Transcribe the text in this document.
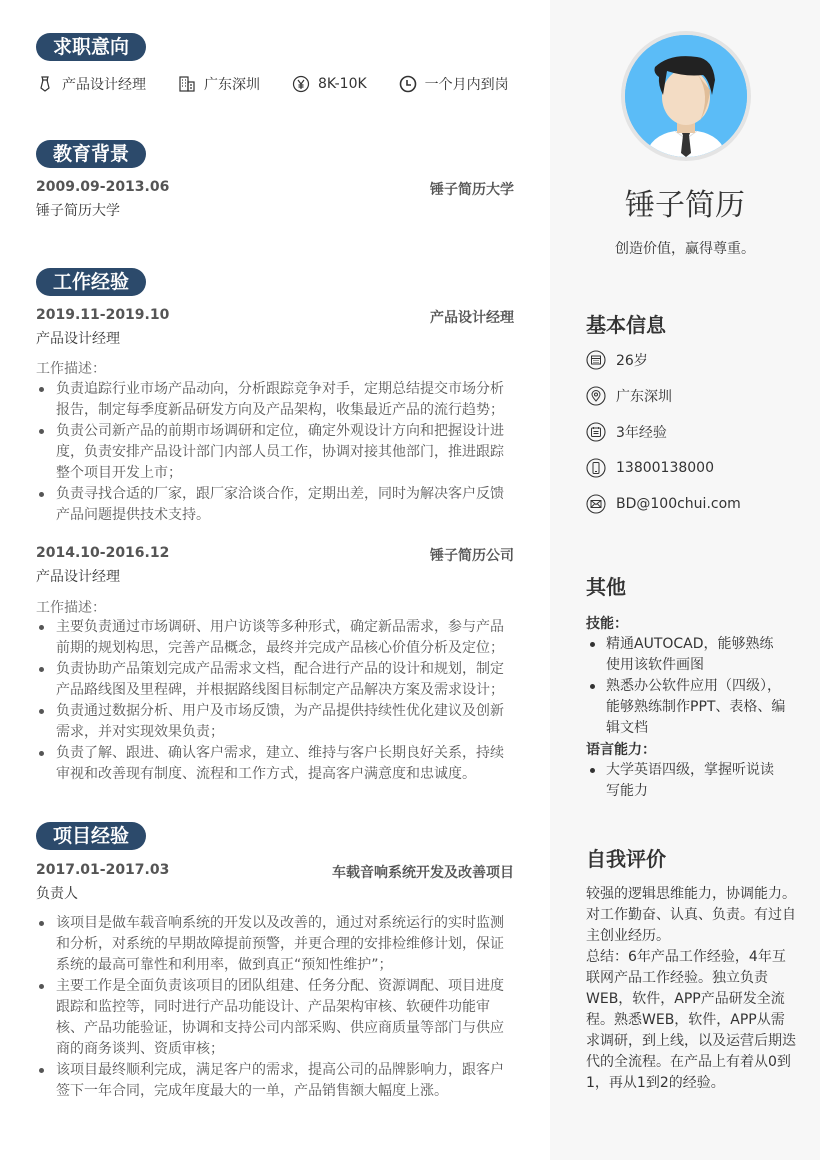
求职意向
产品设计经理	广东深圳	8K-10K	一个月内到岗
教育背景
2009.09-2013.06	锤子简历大学
锤子简历大学
工作经验
2019.11-2019.10	产品设计经理
产品设计经理
工作描述：
负责追踪行业市场产品动向，分析跟踪竞争对手，定期总结提交市场分析报告，制定每季度新品研发方向及产品架构，收集最近产品的流行趋势；
负责公司新产品的前期市场调研和定位，确定外观设计方向和把握设计进度，负责安排产品设计部门内部人员工作，协调对接其他部门，推进跟踪整个项目开发上市；
负责寻找合适的厂家，跟厂家洽谈合作，定期出差，同时为解决客户反馈产品问题提供技术支持。
2014.10-2016.12	锤子简历公司
产品设计经理
工作描述：
主要负责通过市场调研、用户访谈等多种形式，确定新品需求，参与产品前期的规划构思，完善产品概念，最终并完成产品核心价值分析及定位；
负责协助产品策划完成产品需求文档，配合进行产品的设计和规划，制定产品路线图及里程碑，并根据路线图目标制定产品解决方案及需求设计；
负责通过数据分析、用户及市场反馈，为产品提供持续性优化建议及创新需求，并对实现效果负责；
负责了解、跟进、确认客户需求，建立、维持与客户长期良好关系，持续审视和改善现有制度、流程和工作方式，提高客户满意度和忠诚度。
项目经验
2017.01-2017.03	车载音响系统开发及改善项目
负责人
该项目是做车载音响系统的开发以及改善的，通过对系统运行的实时监测和分析，对系统的早期故障提前预警，并更合理的安排检维修计划，保证系统的最高可靠性和利用率，做到真正“预知性维护”；
主要工作是全面负责该项目的团队组建、任务分配、资源调配、项目进度跟踪和监控等，同时进行产品功能设计、产品架构审核、软硬件功能审核、产品功能验证，协调和支持公司内部采购、供应商质量等部门与供应商的商务谈判、资质审核；
该项目最终顺利完成，满足客户的需求，提高公司的品牌影响力，跟客户签下一年合同，完成年度最大的一单，产品销售额大幅度上涨。
锤子简历
创造价值，赢得尊重。
基本信息
26岁
广东深圳
3年经验
13800138000
BD@100chui.com
其他
技能：
精通AUTOCAD，能够熟练使用该软件画图
熟悉办公软件应用（四级），能够熟练制作PPT、表格、编辑文档
语言能力：
大学英语四级，掌握听说读写能力
自我评价

较强的逻辑思维能力，协调能力。对工作勤奋、认真、负责。有过自主创业经历。

总结：6年产品工作经验，4年互联网产品工作经验。独立负责WEB，软件，APP产品研发全流程。熟悉WEB，软件，APP从需求调研，到上线，以及运营后期迭代的全流程。在产品上有着从0到1，再从1到2的经验。
